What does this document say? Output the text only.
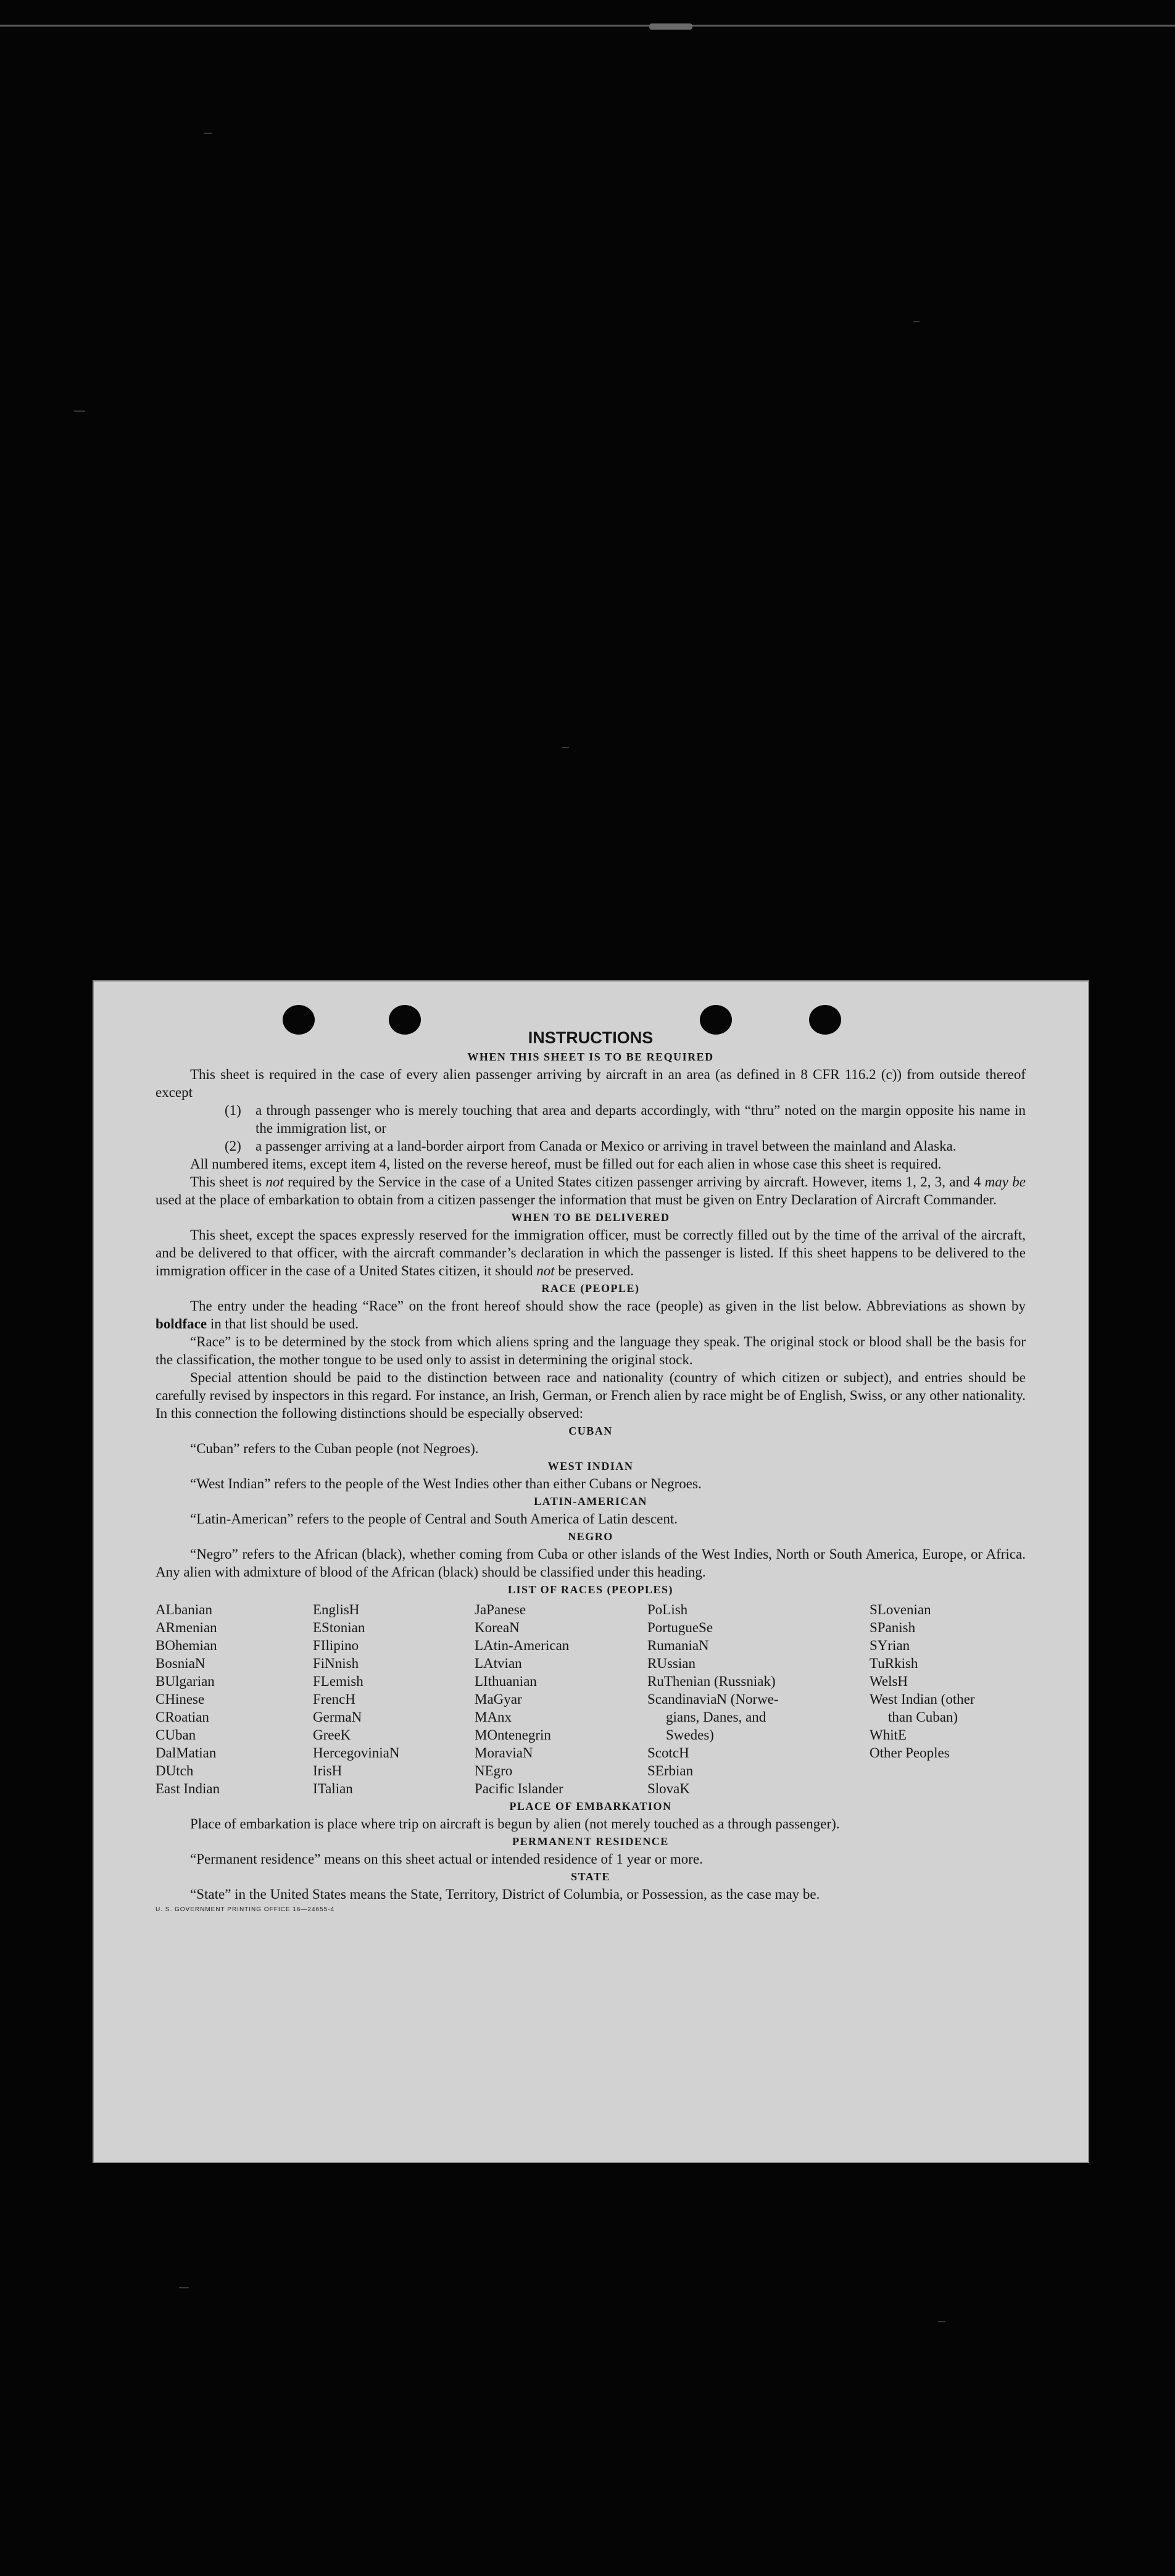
INSTRUCTIONS

WHEN THIS SHEET IS TO BE REQUIRED

This sheet is required in the case of every alien passenger arriving by aircraft in an area (as defined in 8 CFR 116.2 (c)) from outside thereof except

(1)	a through passenger who is merely touching that area and departs accordingly, with “thru” noted on the margin opposite his name in the immigration list, or
(2)	a passenger arriving at a land-border airport from Canada or Mexico or arriving in travel between the mainland and Alaska.

All numbered items, except item 4, listed on the reverse hereof, must be filled out for each alien in whose case this sheet is required.

This sheet is not required by the Service in the case of a United States citizen passenger arriving by aircraft. However, items 1, 2, 3, and 4 may be used at the place of embarkation to obtain from a citizen passenger the information that must be given on Entry Declaration of Aircraft Commander.

WHEN TO BE DELIVERED

This sheet, except the spaces expressly reserved for the immigration officer, must be correctly filled out by the time of the arrival of the aircraft, and be delivered to that officer, with the aircraft commander’s declaration in which the passenger is listed. If this sheet happens to be delivered to the immigration officer in the case of a United States citizen, it should not be preserved.

RACE (PEOPLE)

The entry under the heading “Race” on the front hereof should show the race (people) as given in the list below. Abbreviations as shown by boldface in that list should be used.

“Race” is to be determined by the stock from which aliens spring and the language they speak. The original stock or blood shall be the basis for the classification, the mother tongue to be used only to assist in determining the original stock.

Special attention should be paid to the distinction between race and nationality (country of which citizen or subject), and entries should be carefully revised by inspectors in this regard. For instance, an Irish, German, or French alien by race might be of English, Swiss, or any other nationality. In this connection the following distinctions should be especially observed:

CUBAN

“Cuban” refers to the Cuban people (not Negroes).

WEST INDIAN

“West Indian” refers to the people of the West Indies other than either Cubans or Negroes.

LATIN-AMERICAN

“Latin-American” refers to the people of Central and South America of Latin descent.

NEGRO

“Negro” refers to the African (black), whether coming from Cuba or other islands of the West Indies, North or South America, Europe, or Africa. Any alien with admixture of blood of the African (black) should be classified under this heading.

LIST OF RACES (PEOPLES)

ALbanian
ARmenian
BOhemian
BosniaN
BUlgarian
CHinese
CRoatian
CUban
DalMatian
DUtch
East Indian
EnglisH
EStonian
FIlipino
FiNnish
FLemish
FrencH
GermaN
GreeK
HercegoviniaN
IrisH
ITalian
JaPanese
KoreaN
LAtin-American
LAtvian
LIthuanian
MaGyar
MAnx
MOntenegrin
MoraviaN
NEgro
Pacific Islander
PoLish
PortugueSe
RumaniaN
RUssian
RuThenian (Russniak)
ScandinaviaN (Norwe-
gians, Danes, and
Swedes)
ScotcH
SErbian
SlovaK
SLovenian
SPanish
SYrian
TuRkish
WelsH
West Indian (other
than Cuban)
WhitE
Other Peoples

PLACE OF EMBARKATION

Place of embarkation is place where trip on aircraft is begun by alien (not merely touched as a through passenger).

PERMANENT RESIDENCE

“Permanent residence” means on this sheet actual or intended residence of 1 year or more.

STATE

“State” in the United States means the State, Territory, District of Columbia, or Possession, as the case may be.

U. S. GOVERNMENT PRINTING OFFICE 16—24655-4
